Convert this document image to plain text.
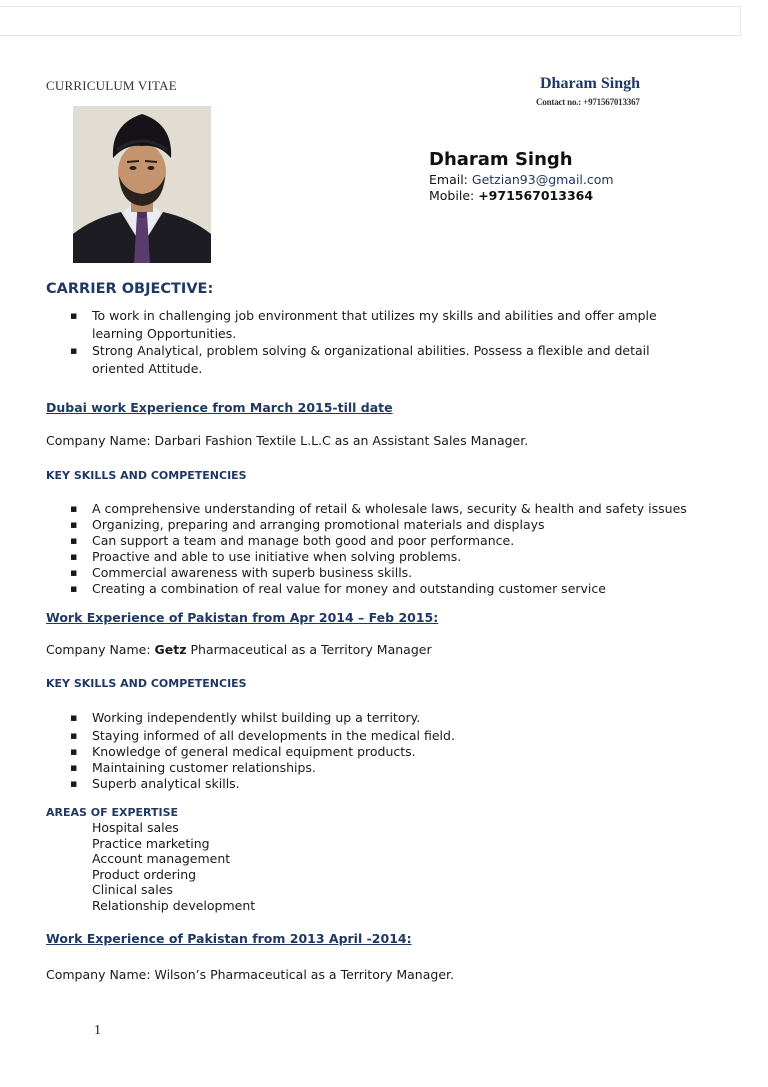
CURRICULUM VITAE	Dharam Singh
Contact no.: +971567013367
Dharam Singh
Email: Getzian93@gmail.com
Mobile: +971567013364
CARRIER OBJECTIVE:
▪ To work in challenging job environment that utilizes my skills and abilities and offer ample
learning Opportunities.
▪ Strong Analytical, problem solving & organizational abilities. Possess a flexible and detail
oriented Attitude.
Dubai work Experience from March 2015-till date
Company Name: Darbari Fashion Textile L.L.C as an Assistant Sales Manager.
KEY SKILLS AND COMPETENCIES
▪ A comprehensive understanding of retail & wholesale laws, security & health and safety issues
▪ Organizing, preparing and arranging promotional materials and displays
▪ Can support a team and manage both good and poor performance.
▪ Proactive and able to use initiative when solving problems.
▪ Commercial awareness with superb business skills.
▪ Creating a combination of real value for money and outstanding customer service
Work Experience of Pakistan from Apr 2014 – Feb 2015:
Company Name: Getz Pharmaceutical as a Territory Manager
KEY SKILLS AND COMPETENCIES
▪ Working independently whilst building up a territory.
▪ Staying informed of all developments in the medical field.
▪ Knowledge of general medical equipment products.
▪ Maintaining customer relationships.
▪ Superb analytical skills.
AREAS OF EXPERTISE
Hospital sales
Practice marketing
Account management
Product ordering
Clinical sales
Relationship development
Work Experience of Pakistan from 2013 April -2014:
Company Name: Wilson’s Pharmaceutical as a Territory Manager.
1
